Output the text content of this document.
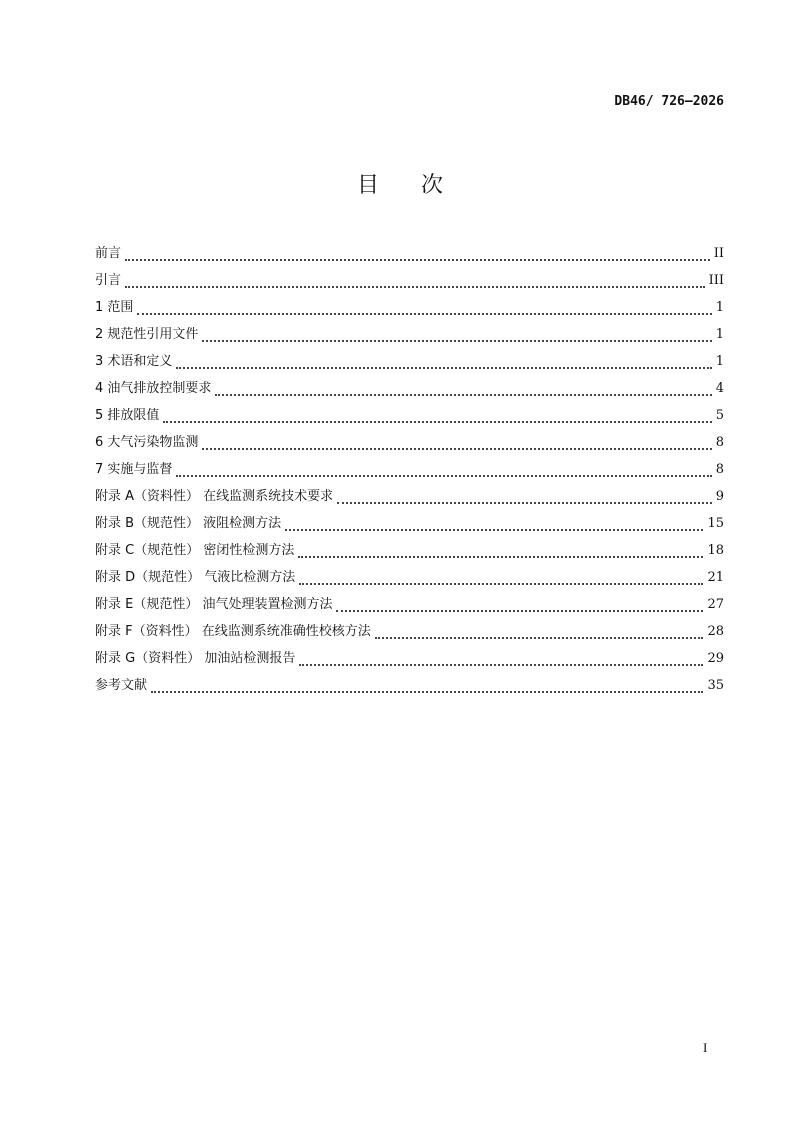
DB46/ 726—2026
目次
前言	II
引言	III
1 范围	1
2 规范性引用文件	1
3 术语和定义	1
4 油气排放控制要求	4
5 排放限值	5
6 大气污染物监测	8
7 实施与监督	8
附录 A（资料性） 在线监测系统技术要求	9
附录 B（规范性） 液阻检测方法	15
附录 C（规范性） 密闭性检测方法	18
附录 D（规范性） 气液比检测方法	21
附录 E（规范性） 油气处理装置检测方法	27
附录 F（资料性） 在线监测系统准确性校核方法	28
附录 G（资料性） 加油站检测报告	29
参考文献	35
I
